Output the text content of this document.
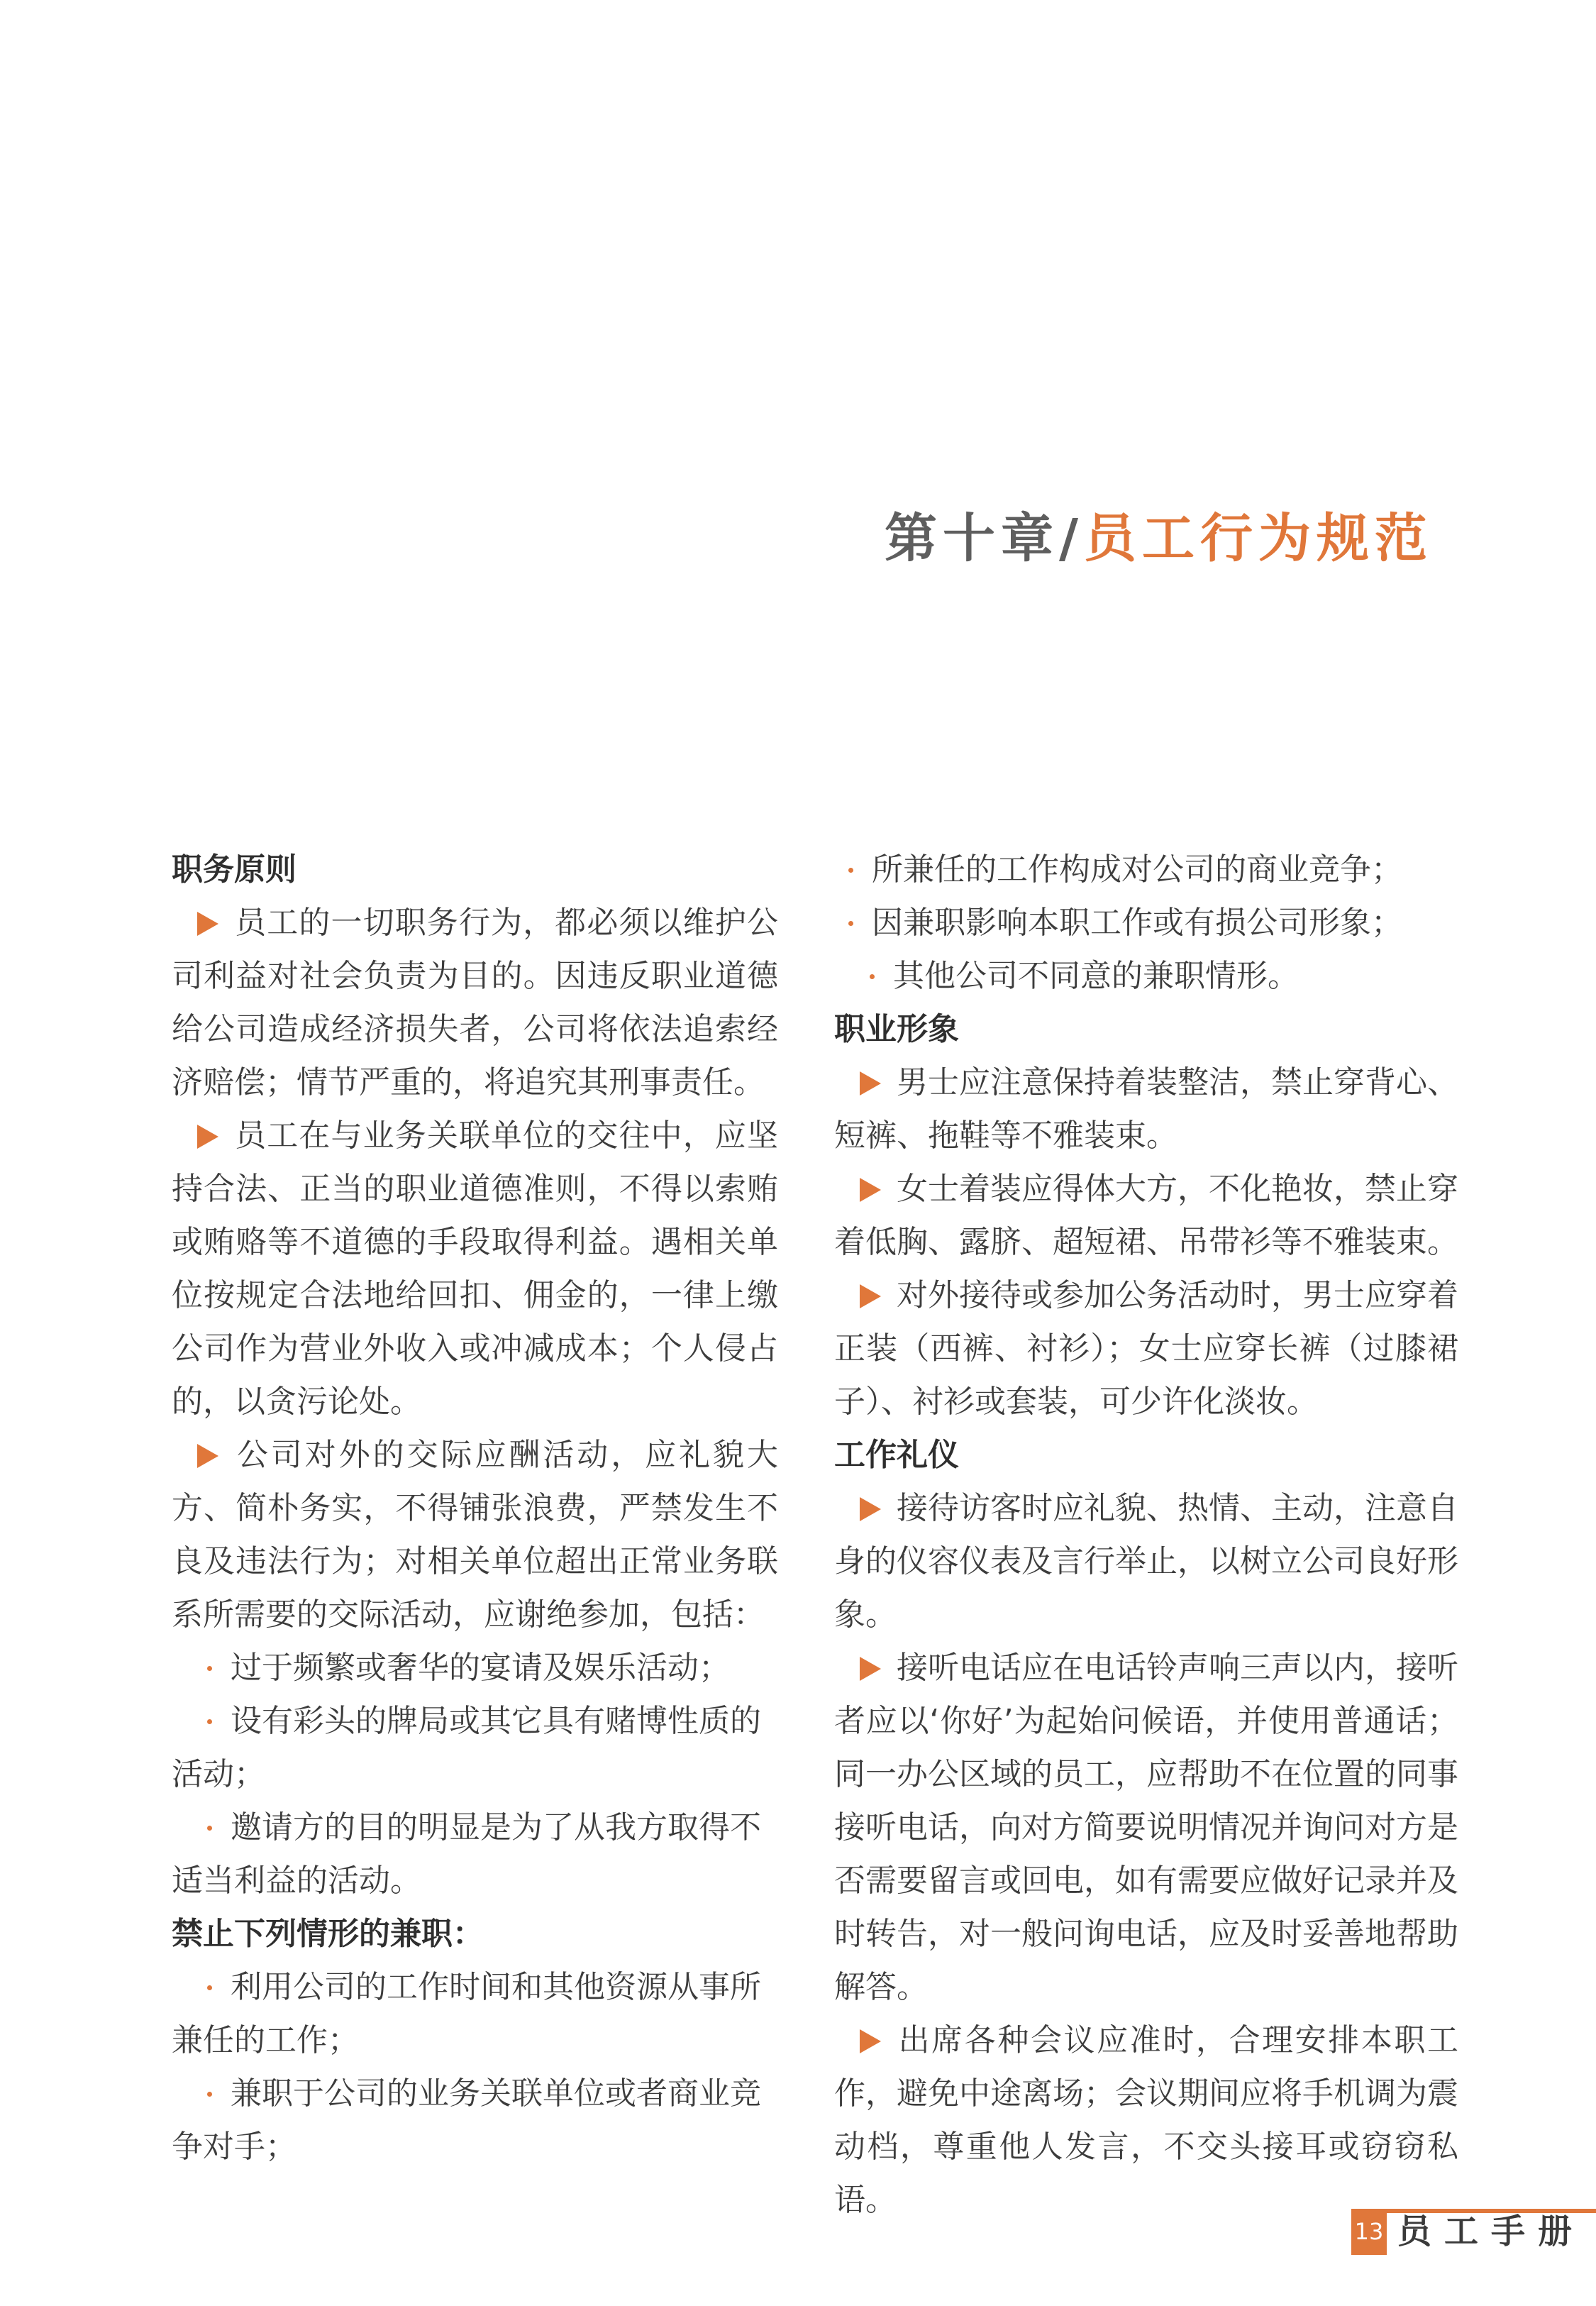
第十章/员工行为规范
职务原则
员工的一切职务行为，都必须以维护公司利益对社会负责为目的。因违反职业道德给公司造成经济损失者，公司将依法追索经济赔偿；情节严重的，将追究其刑事责任。
员工在与业务关联单位的交往中，应坚持合法、正当的职业道德准则，不得以索贿或贿赂等不道德的手段取得利益。遇相关单位按规定合法地给回扣、佣金的，一律上缴公司作为营业外收入或冲减成本；个人侵占的，以贪污论处。
公司对外的交际应酬活动，应礼貌大方、简朴务实，不得铺张浪费，严禁发生不良及违法行为；对相关单位超出正常业务联系所需要的交际活动，应谢绝参加，包括：
过于频繁或奢华的宴请及娱乐活动；
设有彩头的牌局或其它具有赌博性质的活动；
邀请方的目的明显是为了从我方取得不适当利益的活动。
禁止下列情形的兼职：
利用公司的工作时间和其他资源从事所兼任的工作；
兼职于公司的业务关联单位或者商业竞争对手；
所兼任的工作构成对公司的商业竞争；
因兼职影响本职工作或有损公司形象；
其他公司不同意的兼职情形。
职业形象
男士应注意保持着装整洁，禁止穿背心、短裤、拖鞋等不雅装束。
女士着装应得体大方，不化艳妆，禁止穿着低胸、露脐、超短裙、吊带衫等不雅装束。
对外接待或参加公务活动时，男士应穿着正装（西裤、衬衫）；女士应穿长裤（过膝裙子）、衬衫或套装，可少许化淡妆。
工作礼仪
接待访客时应礼貌、热情、主动，注意自身的仪容仪表及言行举止，以树立公司良好形象。
接听电话应在电话铃声响三声以内，接听者应以‘你好’为起始问候语，并使用普通话；同一办公区域的员工，应帮助不在位置的同事接听电话，向对方简要说明情况并询问对方是否需要留言或回电，如有需要应做好记录并及时转告，对一般问询电话，应及时妥善地帮助解答。
出席各种会议应准时，合理安排本职工作，避免中途离场；会议期间应将手机调为震动档，尊重他人发言，不交头接耳或窃窃私语。
13 员工手册
